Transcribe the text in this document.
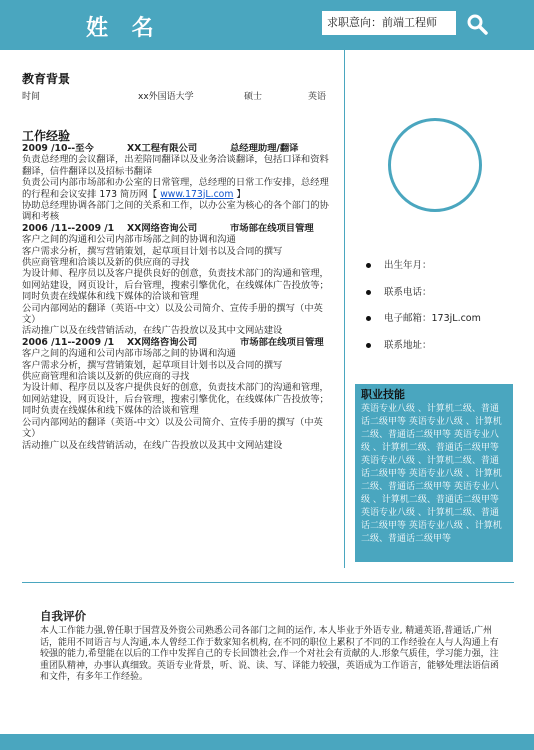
姓 名	求职意向：前端工程师
教育背景
时间	xx外国语大学	硕士	英语
工作经验
2009 /10--至今	XX工程有限公司	总经理助理/翻译
负责总经理的会议翻译，出差陪同翻译以及业务洽谈翻译，包括口译和资料翻译，信件翻译以及招标书翻译
负责公司内部市场部和办公室的日常管理，总经理的日常工作安排，总经理的行程和会议安排 173 简历网【 www.173jL.com 】
协助总经理协调各部门之间的关系和工作，以办公室为核心的各个部门的协调和考核
2006 /11--2009 /1 XX网络咨询公司	市场部在线项目管理
客户之间的沟通和公司内部市场部之间的协调和沟通
客户需求分析，撰写营销策划，起草项目计划书以及合同的撰写
供应商管理和洽谈以及新的供应商的寻找
为设计师、程序员以及客户提供良好的创意，负责技术部门的沟通和管理，如网站建设，网页设计，后台管理，搜索引擎优化，在线媒体广告投放等；同时负责在线媒体和线下媒体的洽谈和管理
公司内部网站的翻译（英语-中文）以及公司简介、宣传手册的撰写（中英文）
活动推广以及在线营销活动，在线广告投放以及其中文网站建设
2006 /11--2009 /1 XX网络咨询公司	市场部在线项目管理
客户之间的沟通和公司内部市场部之间的协调和沟通
客户需求分析，撰写营销策划，起草项目计划书以及合同的撰写
供应商管理和洽谈以及新的供应商的寻找
为设计师、程序员以及客户提供良好的创意，负责技术部门的沟通和管理，如网站建设，网页设计，后台管理，搜索引擎优化，在线媒体广告投放等；同时负责在线媒体和线下媒体的洽谈和管理
公司内部网站的翻译（英语-中文）以及公司简介、宣传手册的撰写（中英文）
活动推广以及在线营销活动，在线广告投放以及其中文网站建设
出生年月：
联系电话：
电子邮箱：173jL.com
联系地址：
职业技能
英语专业八级 、计算机二级、普通话二级甲等 英语专业八级 、计算机二级、普通话二级甲等 英语专业八级 、计算机二级、普通话二级甲等 英语专业八级 、计算机二级、普通话二级甲等 英语专业八级 、计算机二级、普通话二级甲等 英语专业八级 、计算机二级、普通话二级甲等 英语专业八级 、计算机二级、普通话二级甲等 英语专业八级 、计算机二级、普通话二级甲等
自我评价
本人工作能力强,曾任职于国营及外资公司熟悉公司各部门之间的运作, 本人毕业于外语专业, 精通英语,普通话,广州话，能用不同语言与人沟通,本人曾经工作于数家知名机构, 在不同的职位上累积了不同的工作经验在人与人沟通上有较强的能力,希望能在以后的工作中发挥自己的专长回馈社会,作一个对社会有贡献的人.形象气质佳，学习能力强，注重团队精神，办事认真细致。英语专业背景，听、说、读、写、译能力较强，英语成为工作语言，能够处理法语信函和文件，有多年工作经验。
